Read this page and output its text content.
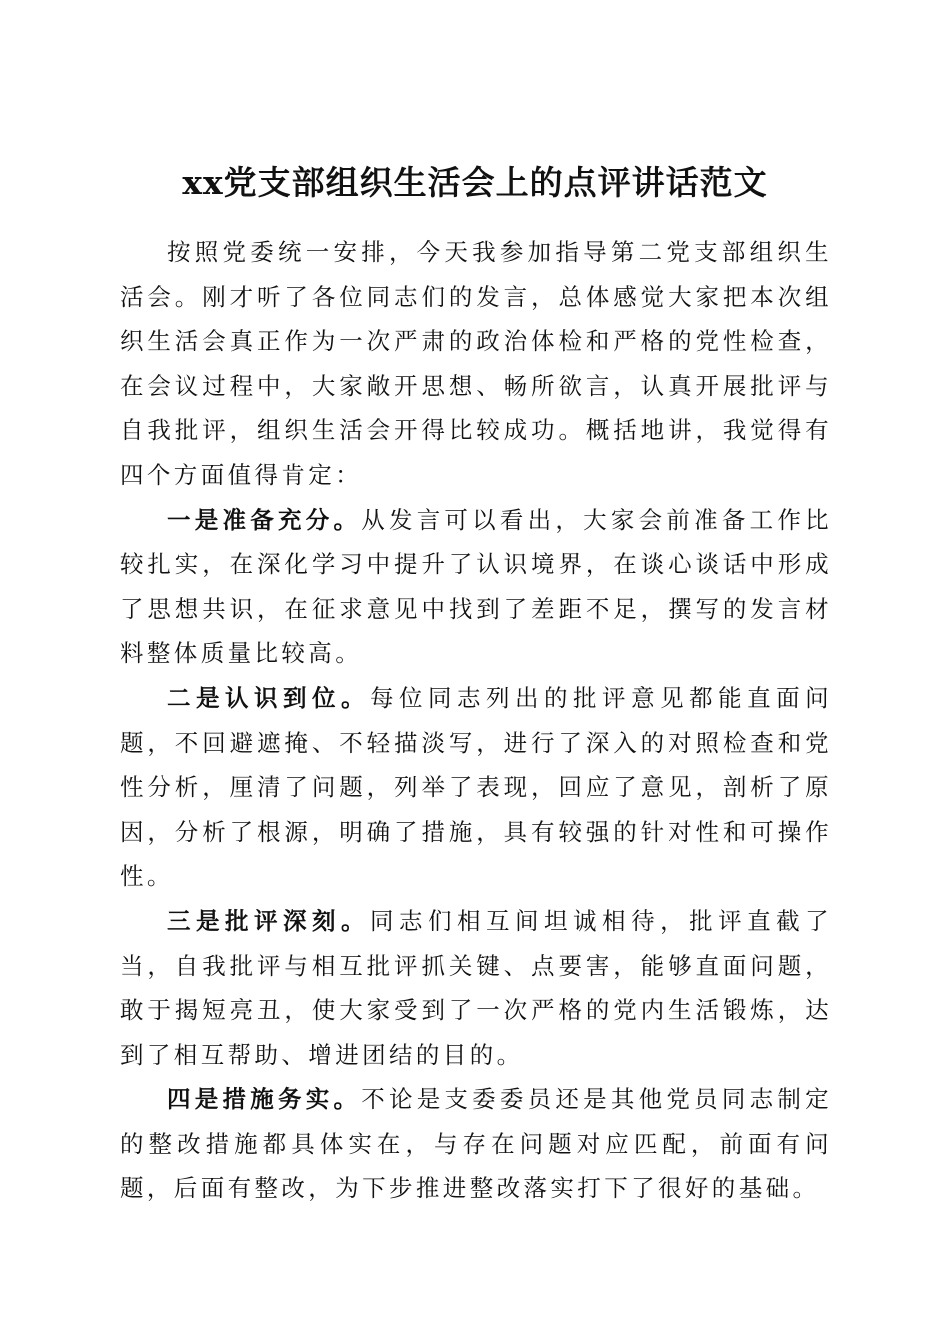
xx党支部组织生活会上的点评讲话范文

按照党委统一安排，今天我参加指导第二党支部组织生活会。刚才听了各位同志们的发言，总体感觉大家把本次组织生活会真正作为一次严肃的政治体检和严格的党性检查，在会议过程中，大家敞开思想、畅所欲言，认真开展批评与自我批评，组织生活会开得比较成功。概括地讲，我觉得有四个方面值得肯定：

一是准备充分。从发言可以看出，大家会前准备工作比较扎实，在深化学习中提升了认识境界，在谈心谈话中形成了思想共识，在征求意见中找到了差距不足，撰写的发言材料整体质量比较高。

二是认识到位。每位同志列出的批评意见都能直面问题，不回避遮掩、不轻描淡写，进行了深入的对照检查和党性分析，厘清了问题，列举了表现，回应了意见，剖析了原因，分析了根源，明确了措施，具有较强的针对性和可操作性。

三是批评深刻。同志们相互间坦诚相待，批评直截了当，自我批评与相互批评抓关键、点要害，能够直面问题，敢于揭短亮丑，使大家受到了一次严格的党内生活锻炼，达到了相互帮助、增进团结的目的。

四是措施务实。不论是支委委员还是其他党员同志制定的整改措施都具体实在，与存在问题对应匹配，前面有问题，后面有整改，为下步推进整改落实打下了很好的基础。
